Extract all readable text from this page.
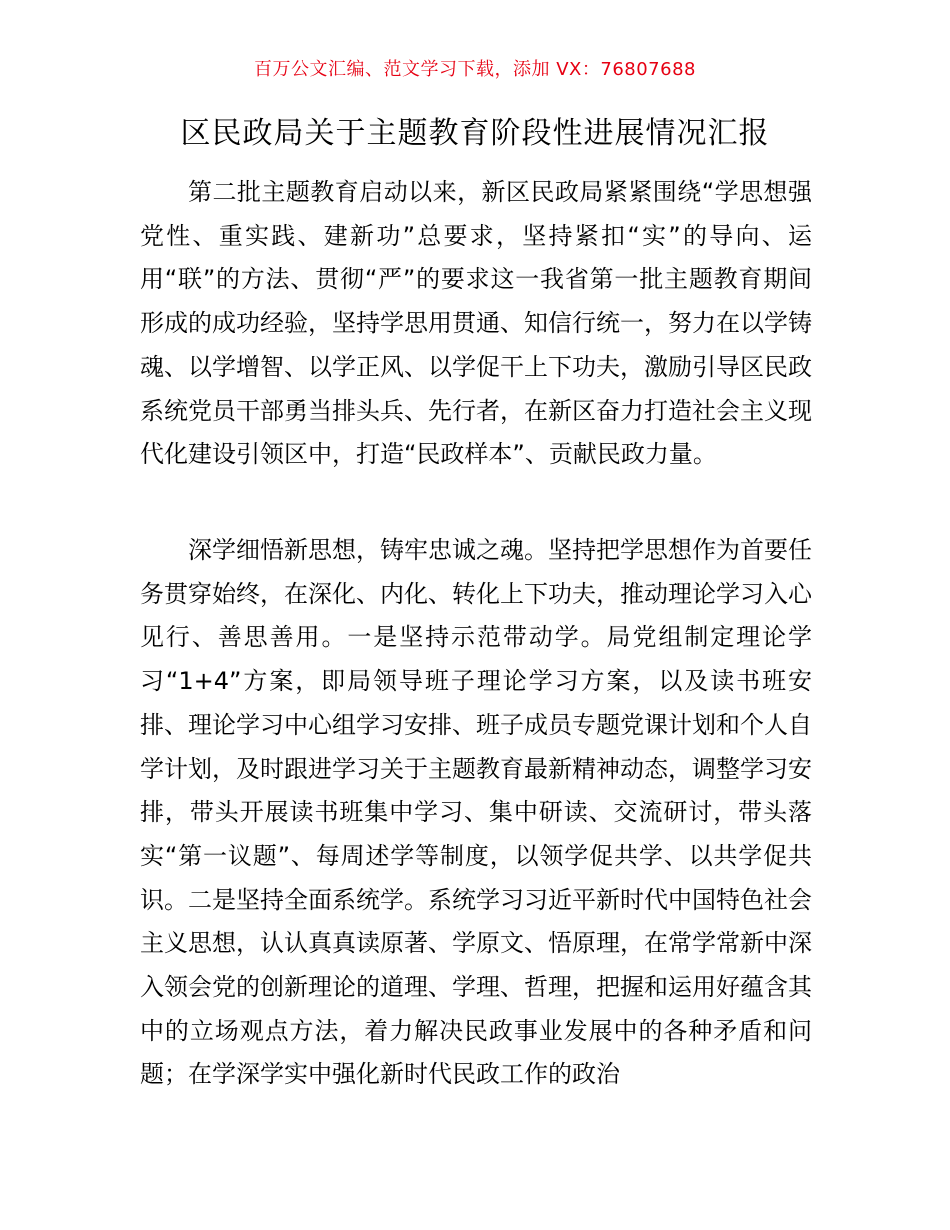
百万公文汇编、范文学习下载，添加 VX：76807688
区民政局关于主题教育阶段性进展情况汇报

第二批主题教育启动以来，新区民政局紧紧围绕“学思想强党性、重实践、建新功”总要求，坚持紧扣“实”的导向、运用“联”的方法、贯彻“严”的要求这一我省第一批主题教育期间形成的成功经验，坚持学思用贯通、知信行统一，努力在以学铸魂、以学增智、以学正风、以学促干上下功夫，激励引导区民政系统党员干部勇当排头兵、先行者，在新区奋力打造社会主义现代化建设引领区中，打造“民政样本”、贡献民政力量。

深学细悟新思想，铸牢忠诚之魂。坚持把学思想作为首要任务贯穿始终，在深化、内化、转化上下功夫，推动理论学习入心见行、善思善用。一是坚持示范带动学。局党组制定理论学习“1+4”方案，即局领导班子理论学习方案，以及读书班安排、理论学习中心组学习安排、班子成员专题党课计划和个人自学计划，及时跟进学习关于主题教育最新精神动态，调整学习安排，带头开展读书班集中学习、集中研读、交流研讨，带头落实“第一议题”、每周述学等制度，以领学促共学、以共学促共识。二是坚持全面系统学。系统学习习近平新时代中国特色社会主义思想，认认真真读原著、学原文、悟原理，在常学常新中深入领会党的创新理论的道理、学理、哲理，把握和运用好蕴含其中的立场观点方法，着力解决民政事业发展中的各种矛盾和问题；在学深学实中强化新时代民政工作的政治
